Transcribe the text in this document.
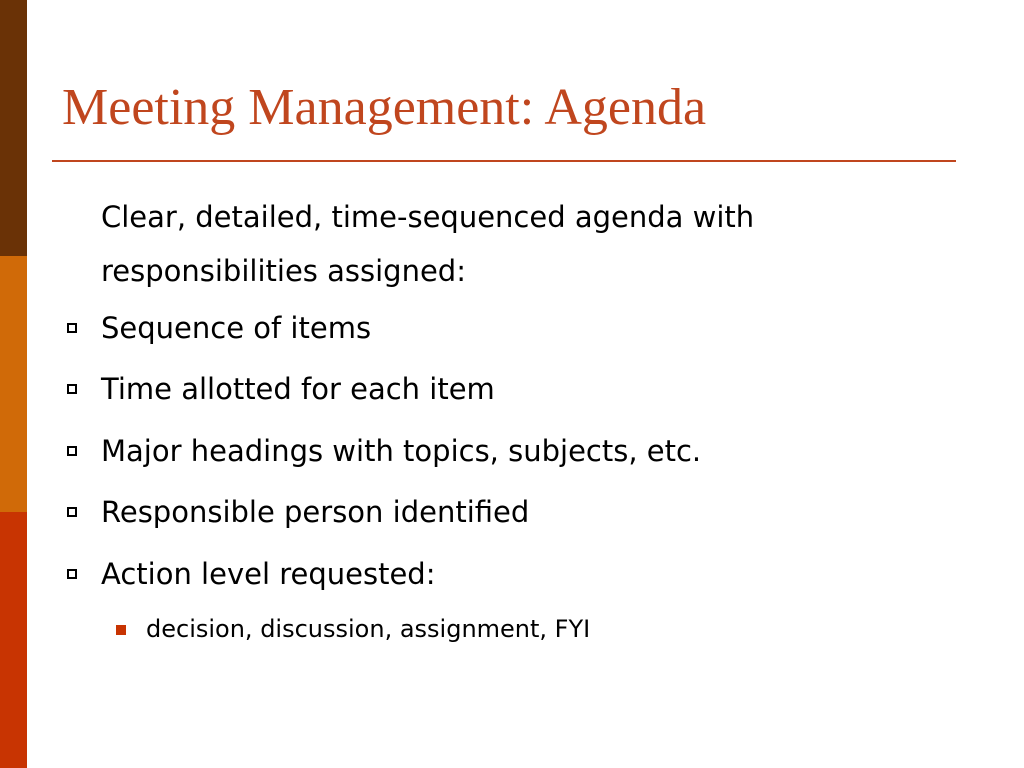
Meeting Management: Agenda
Clear, detailed, time-sequenced agenda with responsibilities assigned:
Sequence of items
Time allotted for each item
Major headings with topics, subjects, etc.
Responsible person identified
Action level requested:
decision, discussion, assignment, FYI
